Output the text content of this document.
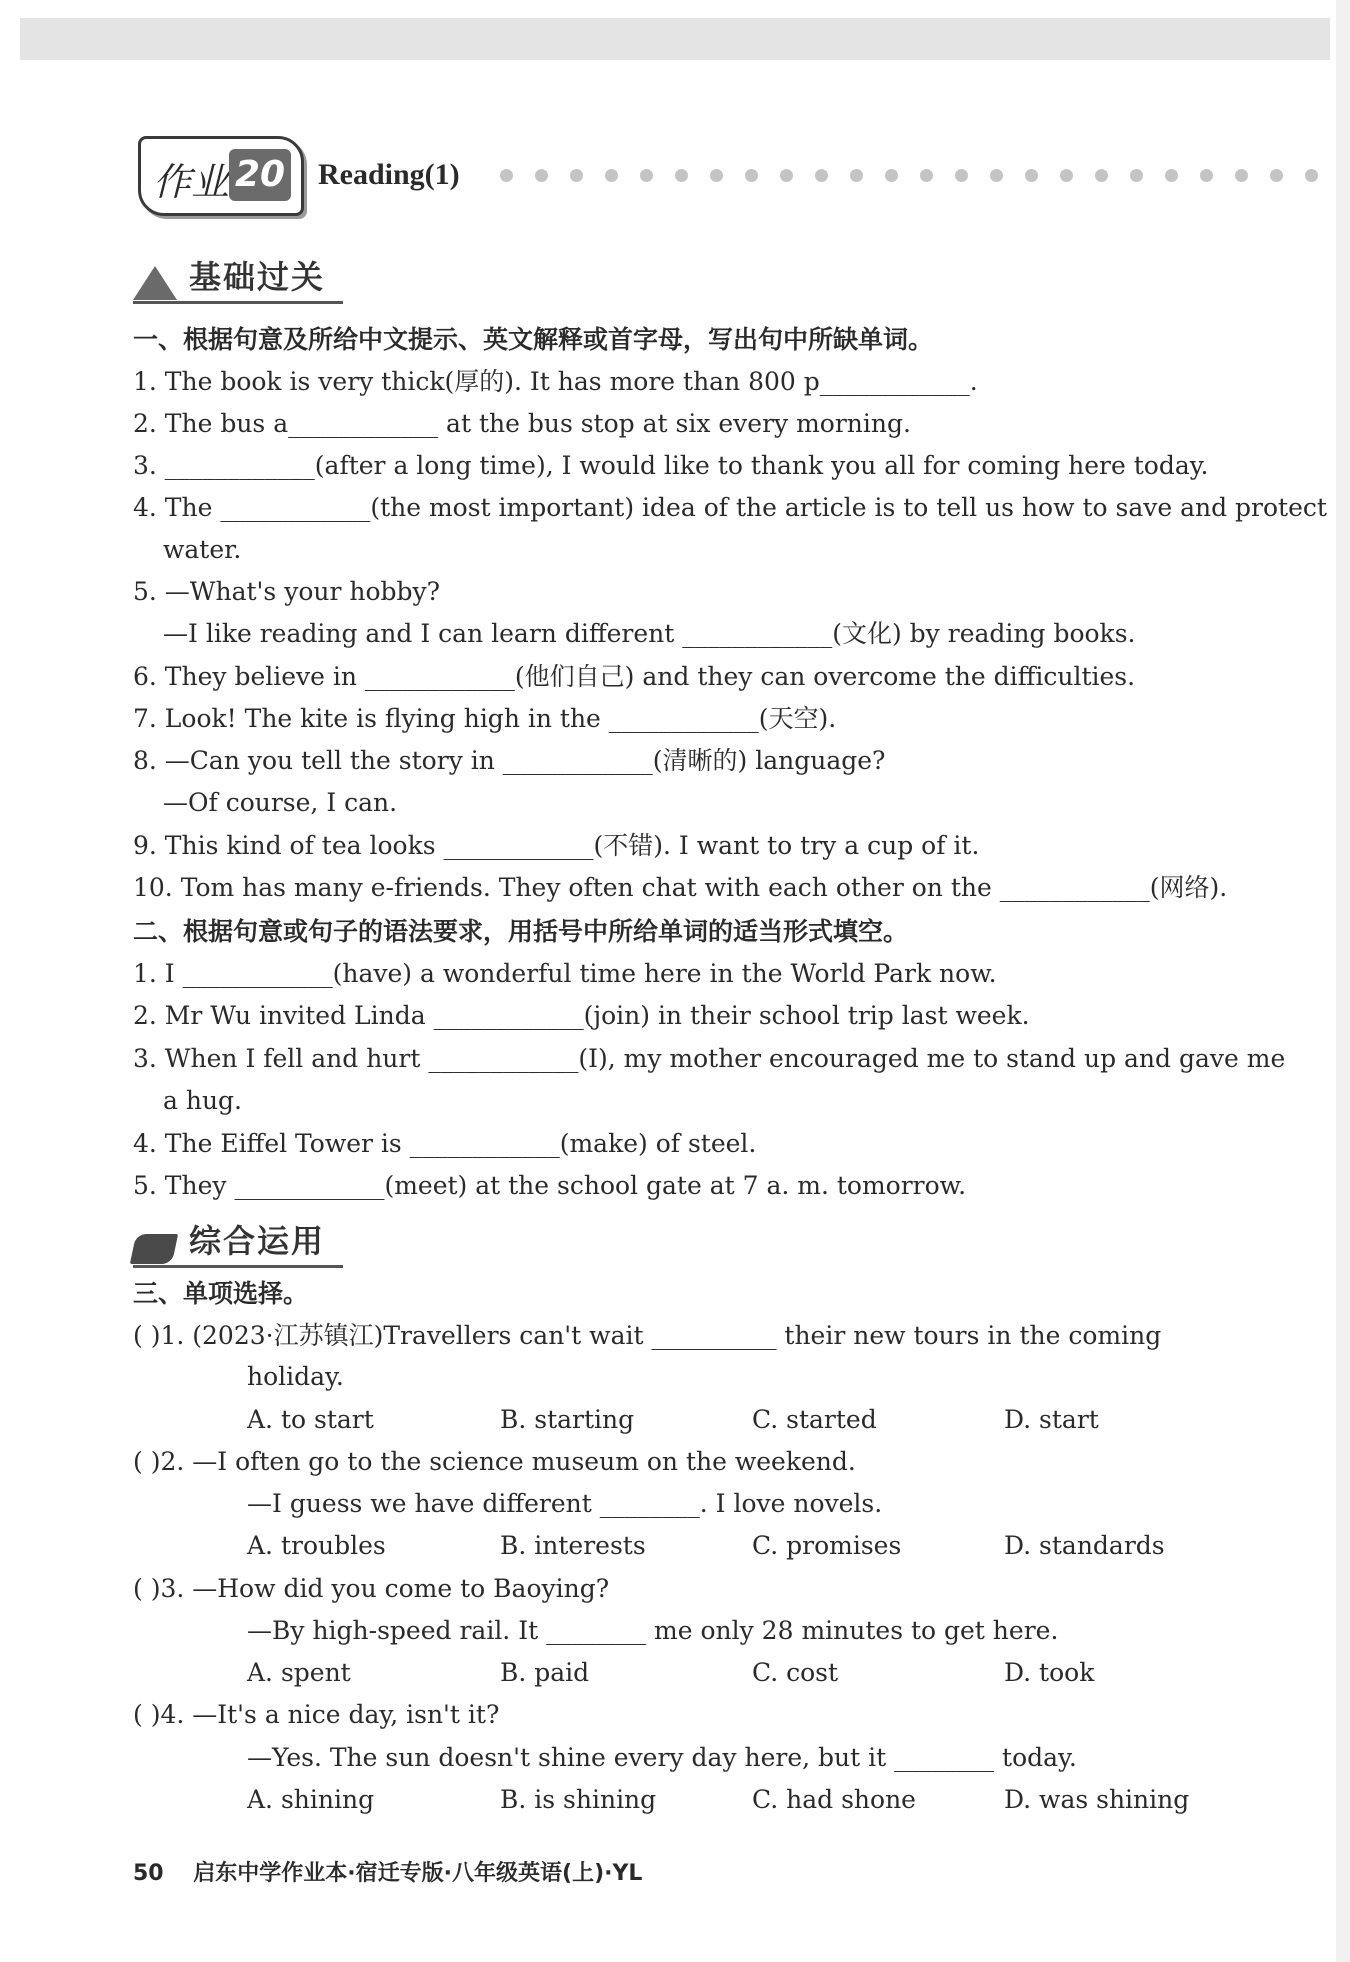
作业 20 Reading(1)
基础过关
一、根据句意及所给中文提示、英文解释或首字母，写出句中所缺单词。
1. The book is very thick(厚的). It has more than 800 p____________.
2. The bus a____________ at the bus stop at six every morning.
3. ____________(after a long time), I would like to thank you all for coming here today.
4. The ____________(the most important) idea of the article is to tell us how to save and protect
water.
5. —What's your hobby?
—I like reading and I can learn different ____________(文化) by reading books.
6. They believe in ____________(他们自己) and they can overcome the difficulties.
7. Look! The kite is flying high in the ____________(天空).
8. —Can you tell the story in ____________(清晰的) language?
—Of course, I can.
9. This kind of tea looks ____________(不错). I want to try a cup of it.
10. Tom has many e-friends. They often chat with each other on the ____________(网络).
二、根据句意或句子的语法要求，用括号中所给单词的适当形式填空。
1. I ____________(have) a wonderful time here in the World Park now.
2. Mr Wu invited Linda ____________(join) in their school trip last week.
3. When I fell and hurt ____________(I), my mother encouraged me to stand up and gave me
a hug.
4. The Eiffel Tower is ____________(make) of steel.
5. They ____________(meet) at the school gate at 7 a. m. tomorrow.
综合运用
三、单项选择。
( )1. (2023·江苏镇江)Travellers can't wait __________ their new tours in the coming
holiday.
A. to start	B. starting	C. started	D. start
( )2. —I often go to the science museum on the weekend.
—I guess we have different ________. I love novels.
A. troubles	B. interests	C. promises	D. standards
( )3. —How did you come to Baoying?
—By high-speed rail. It ________ me only 28 minutes to get here.
A. spent	B. paid	C. cost	D. took
( )4. —It's a nice day, isn't it?
—Yes. The sun doesn't shine every day here, but it ________ today.
A. shining	B. is shining	C. had shone	D. was shining
50 启东中学作业本·宿迁专版·八年级英语(上)·YL
